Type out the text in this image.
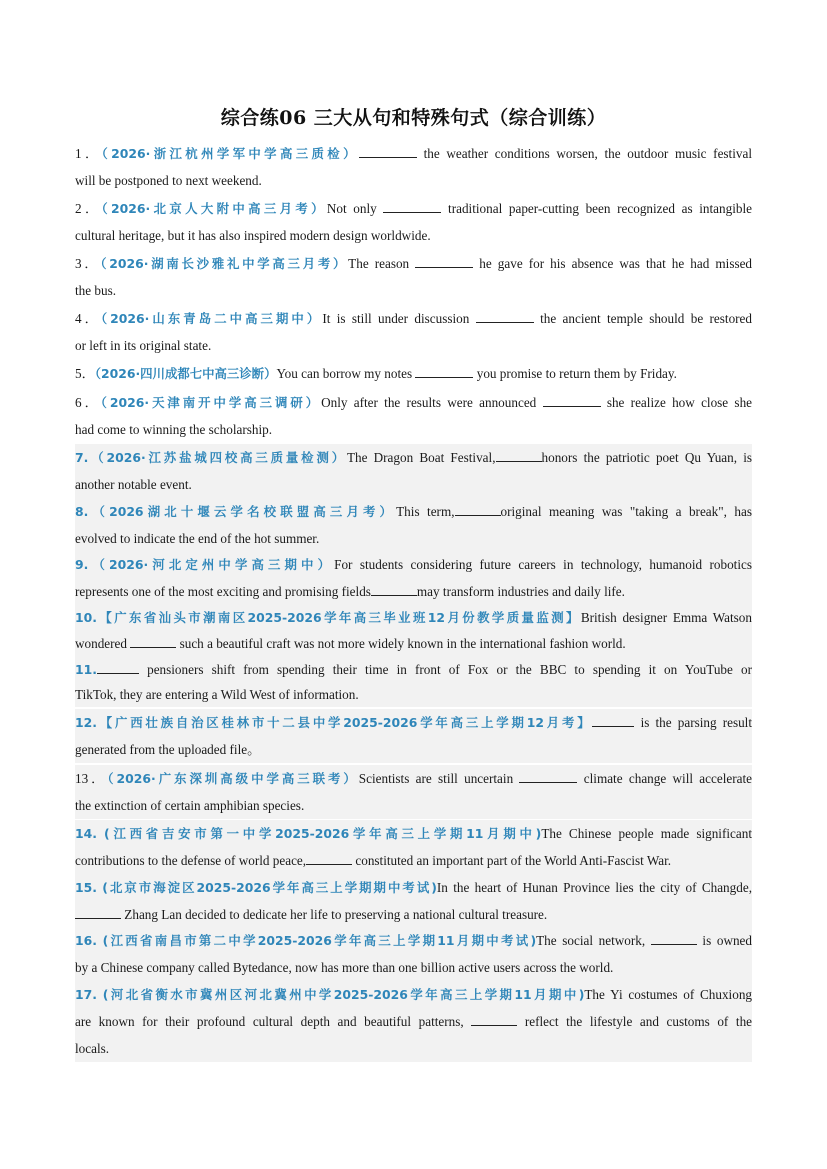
综合练06 三大从句和特殊句式（综合训练）
1．（2026·浙江杭州学军中学高三质检）	the weather conditions worsen, the outdoor music festival
will be postponed to next weekend.
2．（2026·北京人大附中高三月考）Not only	traditional paper-cutting been recognized as intangible
cultural heritage, but it has also inspired modern design worldwide.
3．（2026·湖南长沙雅礼中学高三月考）The reason	he gave for his absence was that he had missed
the bus.
4．（2026·山东青岛二中高三期中）It is still under discussion	the ancient temple should be restored
or left in its original state.
5．（2026·四川成都七中高三诊断）You can borrow my notes	you promise to return them by Friday.
6．（2026·天津南开中学高三调研）Only after the results were announced	she realize how close she
had come to winning the scholarship.
7.（2026·江苏盐城四校高三质量检测）The Dragon Boat Festival,	honors the patriotic poet Qu Yuan, is
another notable event.
8.（2026湖北十堰云学名校联盟高三月考）This term,	original meaning was "taking a break", has
evolved to indicate the end of the hot summer.
9.（2026·河北定州中学高三期中）For students considering future careers in technology, humanoid robotics
represents one of the most exciting and promising fields	may transform industries and daily life.
10.【广东省汕头市潮南区2025-2026学年高三毕业班12月份教学质量监测】British designer Emma Watson
wondered	such a beautiful craft was not more widely known in the international fashion world.
11.	pensioners shift from spending their time in front of Fox or the BBC to spending it on YouTube or
TikTok, they are entering a Wild West of information.
12.【广西壮族自治区桂林市十二县中学2025-2026学年高三上学期12月考】	is the parsing result
generated from the uploaded file。
13．（2026·广东深圳高级中学高三联考）Scientists are still uncertain	climate change will accelerate
the extinction of certain amphibian species.
14. (江西省吉安市第一中学2025-2026学年高三上学期11月期中)The Chinese people made significant
contributions to the defense of world peace,	constituted an important part of the World Anti-Fascist War.
15. (北京市海淀区2025-2026学年高三上学期期中考试)In the heart of Hunan Province lies the city of Changde,
Zhang Lan decided to dedicate her life to preserving a national cultural treasure.
16. (江西省南昌市第二中学2025-2026学年高三上学期11月期中考试)The social network,	is owned
by a Chinese company called Bytedance, now has more than one billion active users across the world.
17. (河北省衡水市冀州区河北冀州中学2025-2026学年高三上学期11月期中)The Yi costumes of Chuxiong
are known for their profound cultural depth and beautiful patterns,	reflect the lifestyle and customs of the
locals.
